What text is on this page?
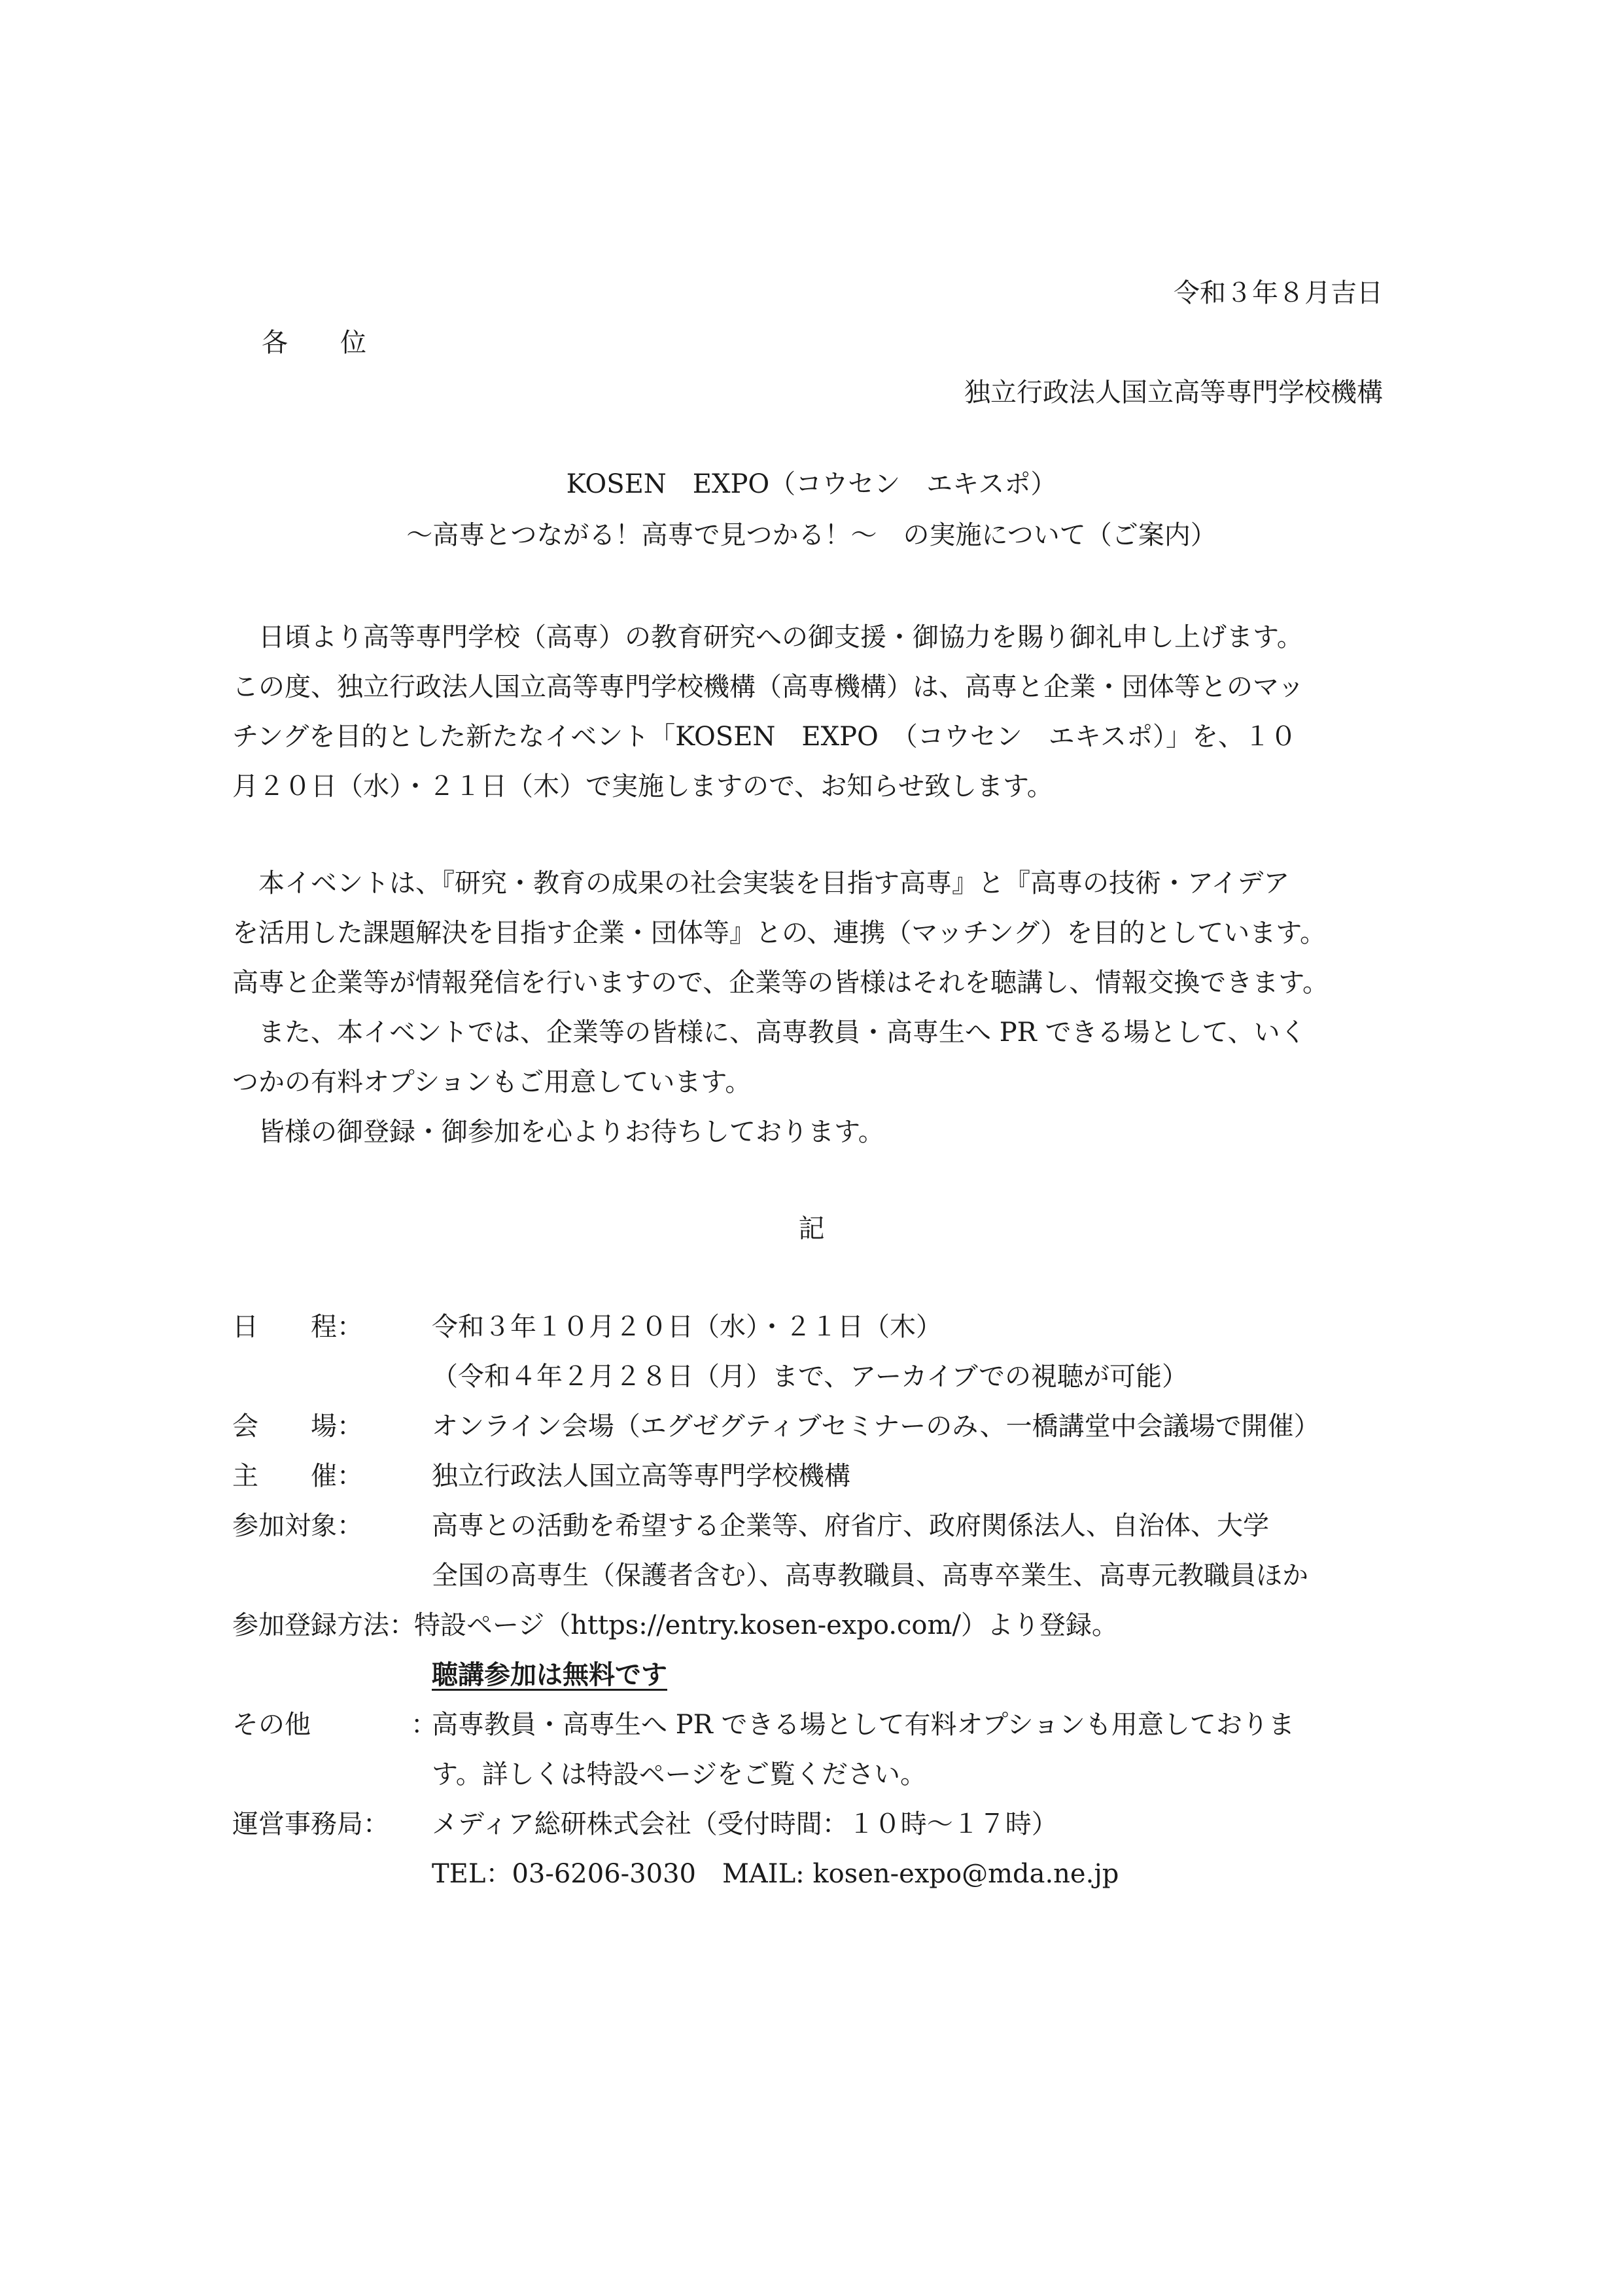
令和３年８月吉日
各　　位
独立行政法人国立高等専門学校機構
KOSEN　EXPO（コウセン　エキスポ）
～高専とつながる！高専で見つかる！～　の実施について（ご案内）
日頃より高等専門学校（高専）の教育研究への御支援・御協力を賜り御礼申し上げます。
この度、独立行政法人国立高等専門学校機構（高専機構）は、高専と企業・団体等とのマッ
チングを目的とした新たなイベント「KOSEN　EXPO　（コウセン　エキスポ）」を、１０
月２０日（水）・２１日（木）で実施しますので、お知らせ致します。
本イベントは、『研究・教育の成果の社会実装を目指す高専』と『高専の技術・アイデア
を活用した課題解決を目指す企業・団体等』との、連携（マッチング）を目的としています。
高専と企業等が情報発信を行いますので、企業等の皆様はそれを聴講し、情報交換できます。
また、本イベントでは、企業等の皆様に、高専教員・高専生へ PR できる場として、いく
つかの有料オプションもご用意しています。
皆様の御登録・御参加を心よりお待ちしております。
記
日　　程：	令和３年１０月２０日（水）・２１日（木）
（令和４年２月２８日（月）まで、アーカイブでの視聴が可能）
会　　場：	オンライン会場（エグゼグティブセミナーのみ、一橋講堂中会議場で開催）
主　　催：	独立行政法人国立高等専門学校機構
参加対象：	高専との活動を希望する企業等、府省庁、政府関係法人、自治体、大学
全国の高専生（保護者含む）、高専教職員、高専卒業生、高専元教職員ほか
参加登録方法：
特設ページ（https://entry.kosen-expo.com/）より登録。
聴講参加は無料です
その他	：
高専教員・高専生へ PR できる場として有料オプションも用意しておりま
す。詳しくは特設ページをご覧ください。
運営事務局： メディア総研株式会社（受付時間：１０時～１７時）
TEL：03-6206-3030　MAIL: kosen-expo@mda.ne.jp
